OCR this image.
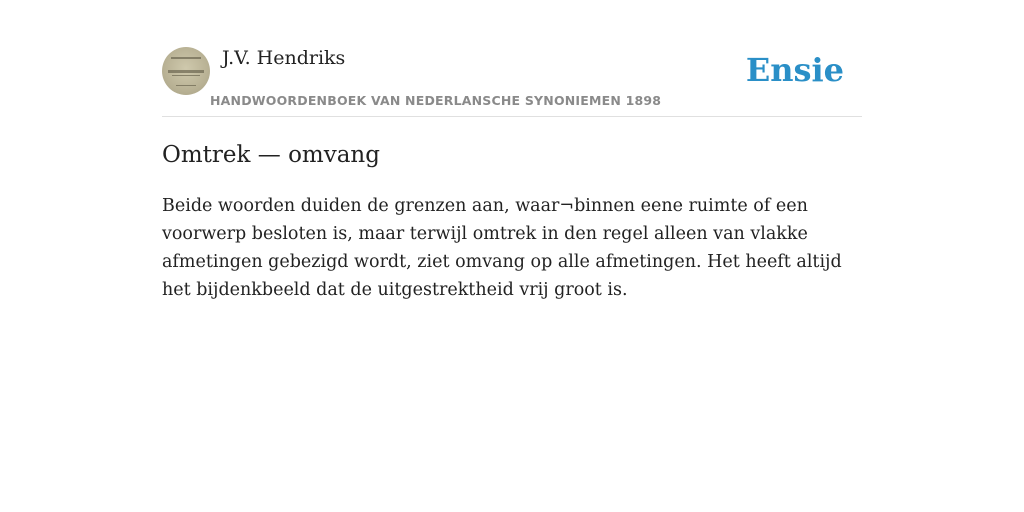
J.V. Hendriks
HANDWOORDENBOEK VAN NEDERLANSCHE SYNONIEMEN 1898
Ensie
Omtrek — omvang

Beide woorden duiden de grenzen aan, waar¬binnen eene ruimte of een voorwerp besloten is, maar terwijl omtrek in den regel alleen van vlakke afmetingen gebezigd wordt, ziet omvang op alle afmetingen. Het heeft altijd het bijdenkbeeld dat de uitgestrektheid vrij groot is.
